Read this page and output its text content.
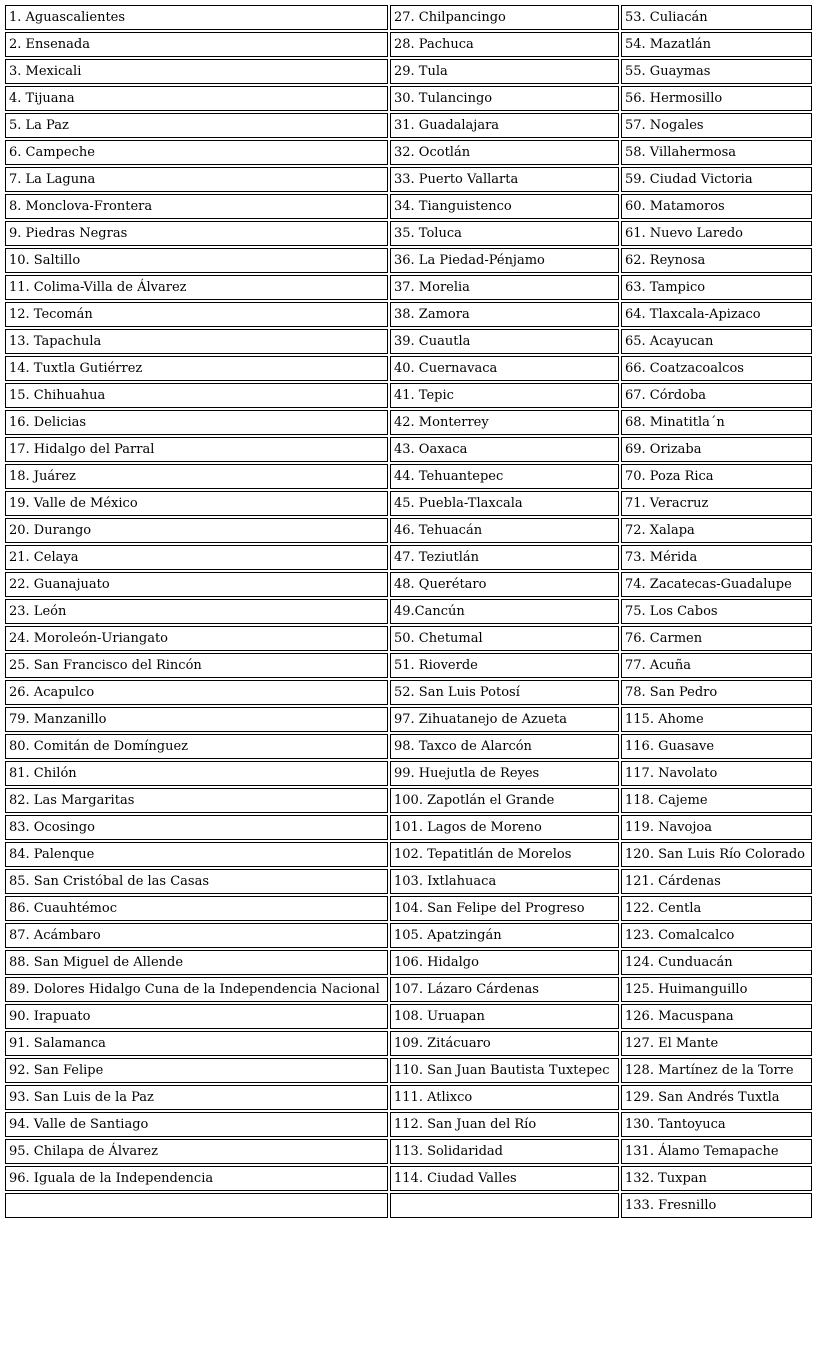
1. Aguascalientes	27. Chilpancingo	53. Culiacán
2. Ensenada	28. Pachuca	54. Mazatlán
3. Mexicali	29. Tula	55. Guaymas
4. Tijuana	30. Tulancingo	56. Hermosillo
5. La Paz	31. Guadalajara	57. Nogales
6. Campeche	32. Ocotlán	58. Villahermosa
7. La Laguna	33. Puerto Vallarta	59. Ciudad Victoria
8. Monclova-Frontera	34. Tianguistenco	60. Matamoros
9. Piedras Negras	35. Toluca	61. Nuevo Laredo
10. Saltillo	36. La Piedad-Pénjamo	62. Reynosa
11. Colima-Villa de Álvarez	37. Morelia	63. Tampico
12. Tecomán	38. Zamora	64. Tlaxcala-Apizaco
13. Tapachula	39. Cuautla	65. Acayucan
14. Tuxtla Gutiérrez	40. Cuernavaca	66. Coatzacoalcos
15. Chihuahua	41. Tepic	67. Córdoba
16. Delicias	42. Monterrey	68. Minatitla´n
17. Hidalgo del Parral	43. Oaxaca	69. Orizaba
18. Juárez	44. Tehuantepec	70. Poza Rica
19. Valle de México	45. Puebla-Tlaxcala	71. Veracruz
20. Durango	46. Tehuacán	72. Xalapa
21. Celaya	47. Teziutlán	73. Mérida
22. Guanajuato	48. Querétaro	74. Zacatecas-Guadalupe
23. León	49.Cancún	75. Los Cabos
24. Moroleón-Uriangato	50. Chetumal	76. Carmen
25. San Francisco del Rincón	51. Rioverde	77. Acuña
26. Acapulco	52. San Luis Potosí	78. San Pedro
79. Manzanillo	97. Zihuatanejo de Azueta	115. Ahome
80. Comitán de Domínguez	98. Taxco de Alarcón	116. Guasave
81. Chilón	99. Huejutla de Reyes	117. Navolato
82. Las Margaritas	100. Zapotlán el Grande	118. Cajeme
83. Ocosingo	101. Lagos de Moreno	119. Navojoa
84. Palenque	102. Tepatitlán de Morelos	120. San Luis Río Colorado
85. San Cristóbal de las Casas	103. Ixtlahuaca	121. Cárdenas
86. Cuauhtémoc	104. San Felipe del Progreso	122. Centla
87. Acámbaro	105. Apatzingán	123. Comalcalco
88. San Miguel de Allende	106. Hidalgo	124. Cunduacán
89. Dolores Hidalgo Cuna de la Independencia Nacional	107. Lázaro Cárdenas	125. Huimanguillo
90. Irapuato	108. Uruapan	126. Macuspana
91. Salamanca	109. Zitácuaro	127. El Mante
92. San Felipe	110. San Juan Bautista Tuxtepec	128. Martínez de la Torre
93. San Luis de la Paz	111. Atlixco	129. San Andrés Tuxtla
94. Valle de Santiago	112. San Juan del Río	130. Tantoyuca
95. Chilapa de Álvarez	113. Solidaridad	131. Álamo Temapache
96. Iguala de la Independencia	114. Ciudad Valles	132. Tuxpan
		133. Fresnillo
